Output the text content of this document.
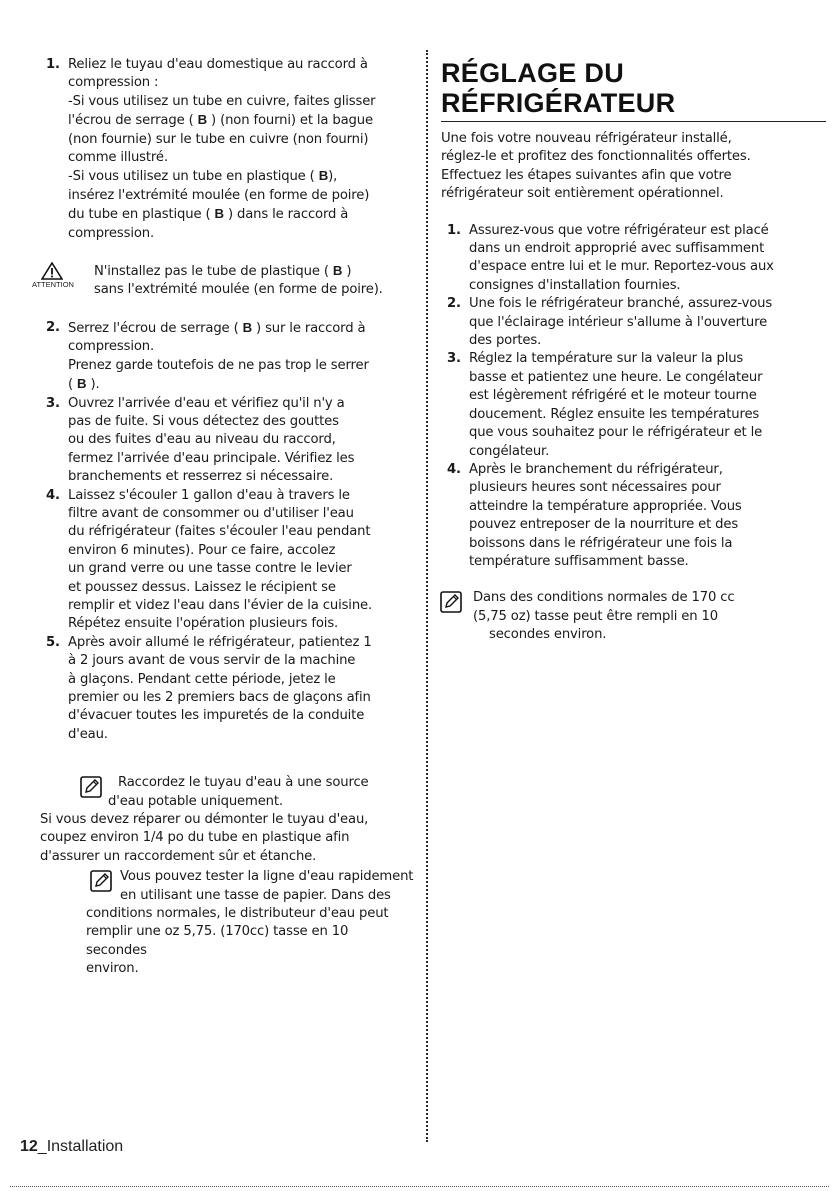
1. Reliez le tuyau d'eau domestique au raccord à

compression :

-Si vous utilisez un tube en cuivre, faites glisser

l'écrou de serrage ( B ) (non fourni) et la bague

(non fournie) sur le tube en cuivre (non fourni)

comme illustré.

-Si vous utilisez un tube en plastique ( B),

insérez l'extrémité moulée (en forme de poire)

du tube en plastique ( B ) dans le raccord à

compression.

ATTENTION

N'installez pas le tube de plastique ( B )

sans l'extrémité moulée (en forme de poire).

2. Serrez l'écrou de serrage ( B ) sur le raccord à

compression.

Prenez garde toutefois de ne pas trop le serrer

( B ).

3. Ouvrez l'arrivée d'eau et vérifiez qu'il n'y a

pas de fuite. Si vous détectez des gouttes

ou des fuites d'eau au niveau du raccord,

fermez l'arrivée d'eau principale. Vérifiez les

branchements et resserrez si nécessaire.

4. Laissez s'écouler 1 gallon d'eau à travers le

filtre avant de consommer ou d'utiliser l'eau

du réfrigérateur (faites s'écouler l'eau pendant

environ 6 minutes). Pour ce faire, accolez

un grand verre ou une tasse contre le levier

et poussez dessus. Laissez le récipient se

remplir et videz l'eau dans l'évier de la cuisine.

Répétez ensuite l'opération plusieurs fois.

5. Après avoir allumé le réfrigérateur, patientez 1

à 2 jours avant de vous servir de la machine

à glaçons. Pendant cette période, jetez le

premier ou les 2 premiers bacs de glaçons afin

d'évacuer toutes les impuretés de la conduite

d'eau.

Raccordez le tuyau d'eau à une source

d'eau potable uniquement.

Si vous devez réparer ou démonter le tuyau d'eau,

coupez environ 1/4 po du tube en plastique afin

d'assurer un raccordement sûr et étanche.

Vous pouvez tester la ligne d'eau rapidement

en utilisant une tasse de papier. Dans des

conditions normales, le distributeur d'eau peut

remplir une oz 5,75. (170cc) tasse en 10 secondes

environ.

RÉGLAGE DU
RÉFRIGÉRATEUR

Une fois votre nouveau réfrigérateur installé,

réglez-le et profitez des fonctionnalités offertes.

Effectuez les étapes suivantes afin que votre

réfrigérateur soit entièrement opérationnel.

1. Assurez-vous que votre réfrigérateur est placé

dans un endroit approprié avec suffisamment

d'espace entre lui et le mur. Reportez-vous aux

consignes d'installation fournies.

2. Une fois le réfrigérateur branché, assurez-vous

que l'éclairage intérieur s'allume à l'ouverture

des portes.

3. Réglez la température sur la valeur la plus

basse et patientez une heure. Le congélateur

est légèrement réfrigéré et le moteur tourne

doucement. Réglez ensuite les températures

que vous souhaitez pour le réfrigérateur et le

congélateur.

4. Après le branchement du réfrigérateur,

plusieurs heures sont nécessaires pour

atteindre la température appropriée. Vous

pouvez entreposer de la nourriture et des

boissons dans le réfrigérateur une fois la

température suffisamment basse.

Dans des conditions normales de 170 cc

(5,75 oz) tasse peut être rempli en 10

secondes environ.

12_Installation
